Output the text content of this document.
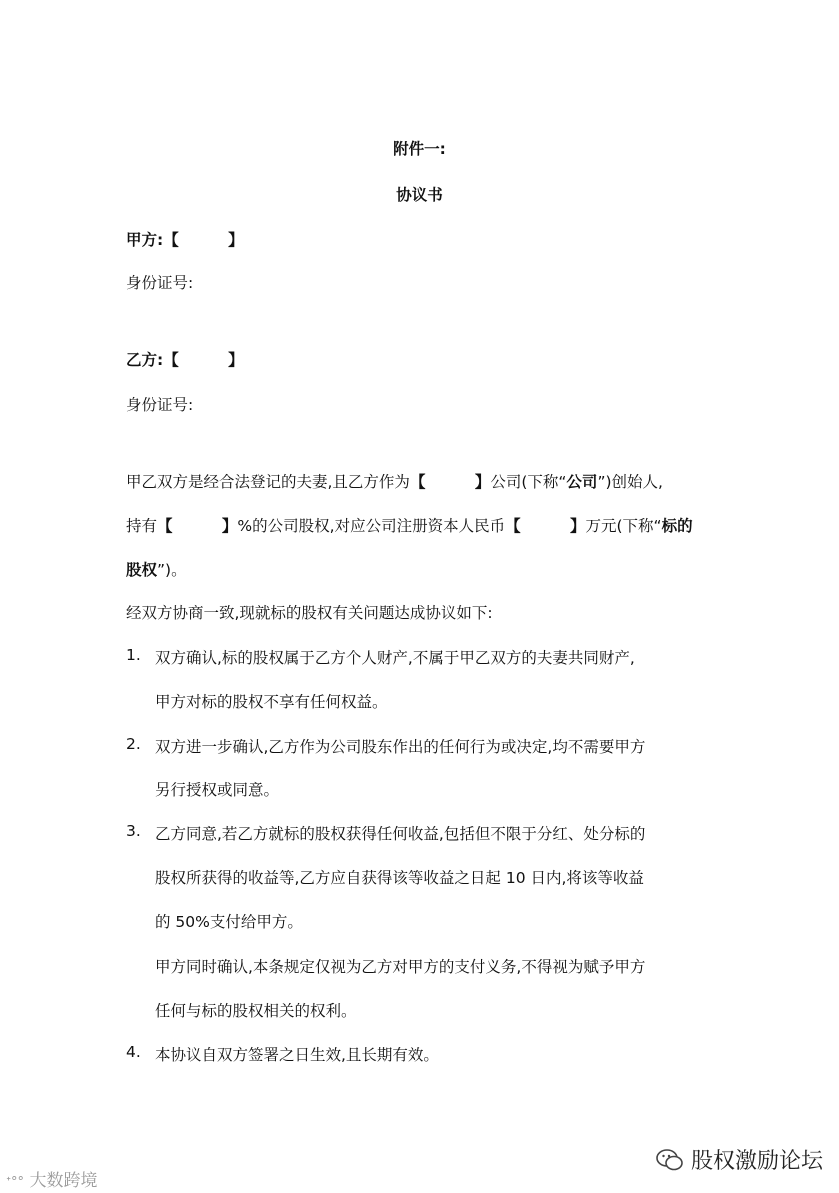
附件一:
协议书
甲方:【 】
身份证号:
乙方:【 】
身份证号:
甲乙双方是经合法登记的夫妻,且乙方作为【 】公司(下称“公司”)创始人,
持有【 】%的公司股权,对应公司注册资本人民币【 】万元(下称“标的
股权”)。
经双方协商一致,现就标的股权有关问题达成协议如下:
1. 双方确认,标的股权属于乙方个人财产,不属于甲乙双方的夫妻共同财产,
甲方对标的股权不享有任何权益。
2. 双方进一步确认,乙方作为公司股东作出的任何行为或决定,均不需要甲方
另行授权或同意。
3. 乙方同意,若乙方就标的股权获得任何收益,包括但不限于分红、处分标的
股权所获得的收益等,乙方应自获得该等收益之日起 10 日内,将该等收益
的 50%支付给甲方。
甲方同时确认,本条规定仅视为乙方对甲方的支付义务,不得视为赋予甲方
任何与标的股权相关的权利。
4. 本协议自双方签署之日生效,且长期有效。
ᐩ°° 大数跨境
股权激励论坛
